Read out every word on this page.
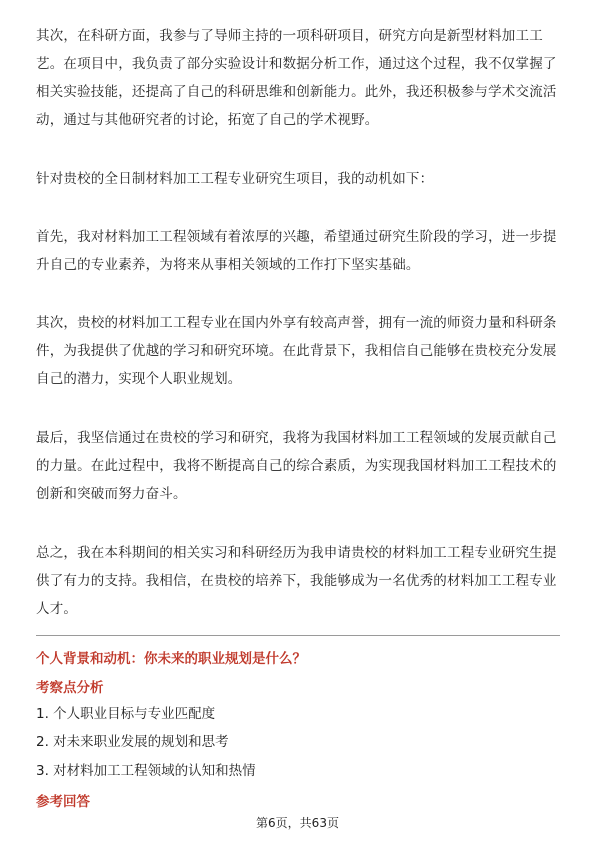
其次，在科研方面，我参与了导师主持的一项科研项目，研究方向是新型材料加工工艺。在项目中，我负责了部分实验设计和数据分析工作，通过这个过程，我不仅掌握了相关实验技能，还提高了自己的科研思维和创新能力。此外，我还积极参与学术交流活动，通过与其他研究者的讨论，拓宽了自己的学术视野。

针对贵校的全日制材料加工工程专业研究生项目，我的动机如下：

首先，我对材料加工工程领域有着浓厚的兴趣，希望通过研究生阶段的学习，进一步提升自己的专业素养，为将来从事相关领域的工作打下坚实基础。

其次，贵校的材料加工工程专业在国内外享有较高声誉，拥有一流的师资力量和科研条件，为我提供了优越的学习和研究环境。在此背景下，我相信自己能够在贵校充分发展自己的潜力，实现个人职业规划。

最后，我坚信通过在贵校的学习和研究，我将为我国材料加工工程领域的发展贡献自己的力量。在此过程中，我将不断提高自己的综合素质，为实现我国材料加工工程技术的创新和突破而努力奋斗。

总之，我在本科期间的相关实习和科研经历为我申请贵校的材料加工工程专业研究生提供了有力的支持。我相信，在贵校的培养下，我能够成为一名优秀的材料加工工程专业人才。

个人背景和动机：你未来的职业规划是什么？

考察点分析

1. 个人职业目标与专业匹配度

2. 对未来职业发展的规划和思考

3. 对材料加工工程领域的认知和热情

参考回答

第6页，共63页
